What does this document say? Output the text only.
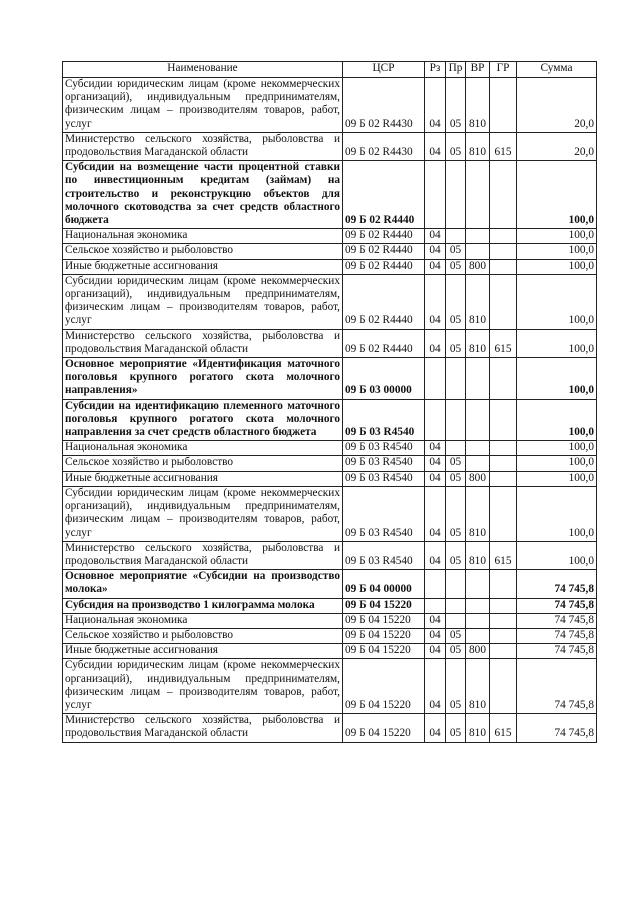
Наименование	ЦСР	Рз	Пр	ВР	ГР	Сумма
Субсидии юридическим лицам (кроме некоммерческих организаций), индивидуальным предпринимателям, физическим лицам – производителям товаров, работ, услуг	09 Б 02 R4430	04	05	810		20,0
Министерство сельского хозяйства, рыболовства и продовольствия Магаданской области	09 Б 02 R4430	04	05	810	615	20,0
Субсидии на возмещение части процентной ставки по инвестиционным кредитам (займам) на строительство и реконструкцию объектов для молочного скотоводства за счет средств областного бюджета	09 Б 02 R4440					100,0
Национальная экономика	09 Б 02 R4440	04				100,0
Сельское хозяйство и рыболовство	09 Б 02 R4440	04	05			100,0
Иные бюджетные ассигнования	09 Б 02 R4440	04	05	800		100,0
Субсидии юридическим лицам (кроме некоммерческих организаций), индивидуальным предпринимателям, физическим лицам – производителям товаров, работ, услуг	09 Б 02 R4440	04	05	810		100,0
Министерство сельского хозяйства, рыболовства и продовольствия Магаданской области	09 Б 02 R4440	04	05	810	615	100,0
Основное мероприятие «Идентификация маточного поголовья крупного рогатого скота молочного направления»	09 Б 03 00000					100,0
Субсидии на идентификацию племенного маточного поголовья крупного рогатого скота молочного направления за счет средств областного бюджета	09 Б 03 R4540					100,0
Национальная экономика	09 Б 03 R4540	04				100,0
Сельское хозяйство и рыболовство	09 Б 03 R4540	04	05			100,0
Иные бюджетные ассигнования	09 Б 03 R4540	04	05	800		100,0
Субсидии юридическим лицам (кроме некоммерческих организаций), индивидуальным предпринимателям, физическим лицам – производителям товаров, работ, услуг	09 Б 03 R4540	04	05	810		100,0
Министерство сельского хозяйства, рыболовства и продовольствия Магаданской области	09 Б 03 R4540	04	05	810	615	100,0
Основное мероприятие «Субсидии на производство молока»	09 Б 04 00000					74 745,8
Субсидия на производство 1 килограмма молока	09 Б 04 15220					74 745,8
Национальная экономика	09 Б 04 15220	04				74 745,8
Сельское хозяйство и рыболовство	09 Б 04 15220	04	05			74 745,8
Иные бюджетные ассигнования	09 Б 04 15220	04	05	800		74 745,8
Субсидии юридическим лицам (кроме некоммерческих организаций), индивидуальным предпринимателям, физическим лицам – производителям товаров, работ, услуг	09 Б 04 15220	04	05	810		74 745,8
Министерство сельского хозяйства, рыболовства и продовольствия Магаданской области	09 Б 04 15220	04	05	810	615	74 745,8
